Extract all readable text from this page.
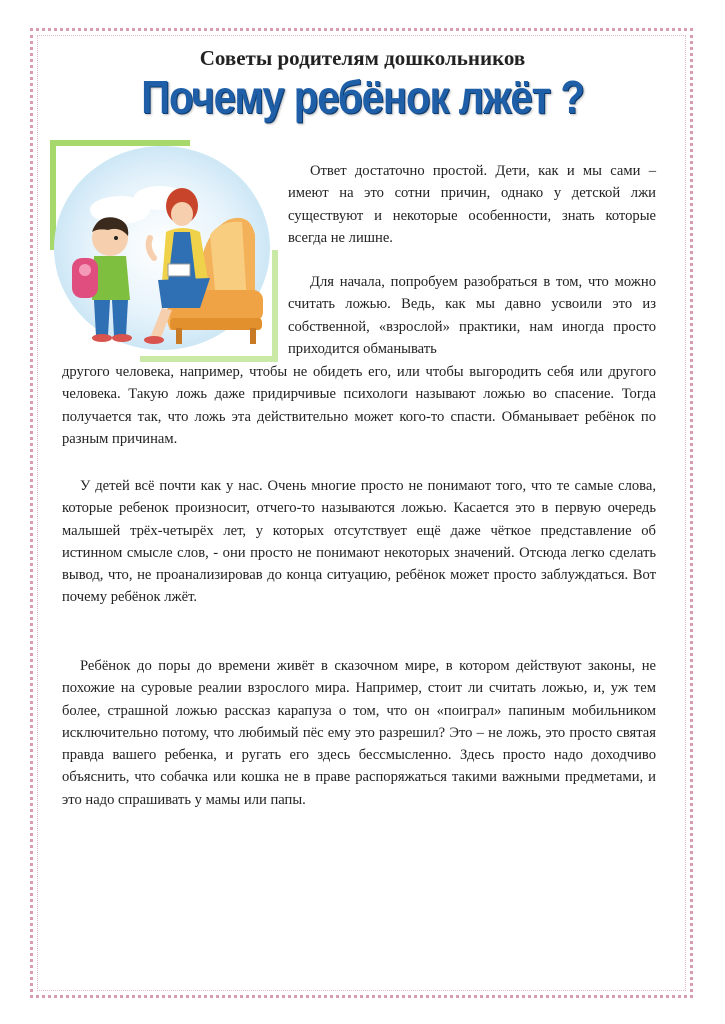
Советы родителям дошкольников
Почему ребёнок лжёт ?
Ответ достаточно простой. Дети, как и мы сами – имеют на это сотни причин, однако у детской лжи существуют и некоторые особенности, знать которые всегда не лишне.
Для начала, попробуем разобраться в том, что можно считать ложью. Ведь, как мы давно усвоили это из собственной, «взрослой» практики, нам иногда просто приходится обманывать
другого человека, например, чтобы не обидеть его, или чтобы выгородить себя или другого человека. Такую ложь даже придирчивые психологи называют ложью во спасение. Тогда получается так, что ложь эта действительно может кого-то спасти. Обманывает ребёнок по разным причинам.
У детей всё почти как у нас. Очень многие просто не понимают того, что те самые слова, которые ребенок произносит, отчего-то называются ложью. Касается это в первую очередь малышей трёх-четырёх лет, у которых отсутствует ещё даже чёткое представление об истинном смысле слов, - они просто не понимают некоторых значений. Отсюда легко сделать вывод, что, не проанализировав до конца ситуацию, ребёнок может просто заблуждаться. Вот почему ребёнок лжёт.
Ребёнок до поры до времени живёт в сказочном мире, в котором действуют законы, не похожие на суровые реалии взрослого мира. Например, стоит ли считать ложью, и, уж тем более, страшной ложью рассказ карапуза о том, что он «поиграл» папиным мобильником исключительно потому, что любимый пёс ему это разрешил? Это – не ложь, это просто святая правда вашего ребенка, и ругать его здесь бессмысленно. Здесь просто надо доходчиво объяснить, что собачка или кошка не в праве распоряжаться такими важными предметами, и это надо спрашивать у мамы или папы.
